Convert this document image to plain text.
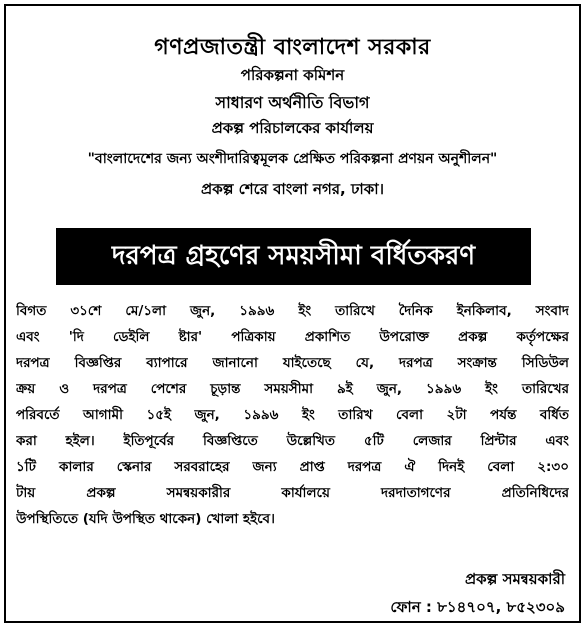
গণপ্রজাতন্ত্রী বাংলাদেশ সরকার
পরিকল্পনা কমিশন
সাধারণ অর্থনীতি বিভাগ
প্রকল্প পরিচালকের কার্যালয়
"বাংলাদেশের জন্য অংশীদারিত্বমূলক প্রেক্ষিত পরিকল্পনা প্রণয়ন অনুশীলন"
প্রকল্প শেরে বাংলা নগর, ঢাকা।
দরপত্র গ্রহণের সময়সীমা বর্ধিতকরণ
বিগত ৩১শে মে/১লা জুন, ১৯৯৬ ইং তারিখে দৈনিক ইনকিলাব, সংবাদ
এবং 'দি ডেইলি ষ্টার' পত্রিকায় প্রকাশিত উপরোক্ত প্রকল্প কর্তৃপক্ষের
দরপত্র বিজ্ঞপ্তির ব্যাপারে জানানো যাইতেছে যে, দরপত্র সংক্রান্ত সিডিউল
ক্রয় ও দরপত্র পেশের চূড়ান্ত সময়সীমা ৯ই জুন, ১৯৯৬ ইং তারিখের
পরিবর্তে আগামী ১৫ই জুন, ১৯৯৬ ইং তারিখ বেলা ২টা পর্যন্ত বর্ধিত
করা হইল। ইতিপূর্বের বিজ্ঞপ্তিতে উল্লেখিত ৫টি লেজার প্রিন্টার এবং
১টি কালার স্কেনার সরবরাহের জন্য প্রাপ্ত দরপত্র ঐ দিনই বেলা ২:৩০
টায় প্রকল্প সমন্বয়কারীর কার্যালয়ে দরদাতাগণের প্রতিনিধিদের
উপস্থিতিতে (যদি উপস্থিত থাকেন) খোলা হইবে।
প্রকল্প সমন্বয়কারী
ফোন : ৮১৪৭০৭, ৮৫২৩০৯
